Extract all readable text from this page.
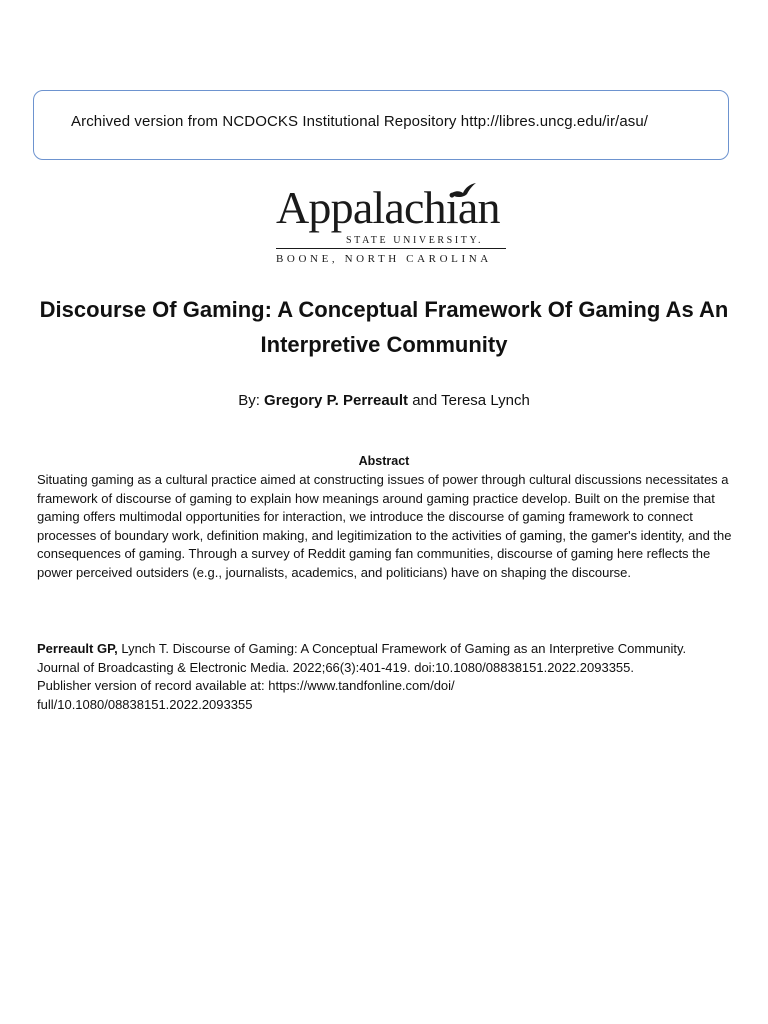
Archived version from NCDOCKS Institutional Repository http://libres.uncg.edu/ir/asu/
Appalachian
STATE UNIVERSITY.
BOONE, NORTH CAROLINA
Discourse Of Gaming: A Conceptual Framework Of Gaming As An Interpretive Community
By: Gregory P. Perreault and Teresa Lynch
Abstract
Situating gaming as a cultural practice aimed at constructing issues of power through cultural discussions necessitates a framework of discourse of gaming to explain how meanings around gaming practice develop. Built on the premise that gaming offers multimodal opportunities for interaction, we introduce the discourse of gaming framework to connect processes of boundary work, definition making, and legitimization to the activities of gaming, the gamer's identity, and the consequences of gaming. Through a survey of Reddit gaming fan communities, discourse of gaming here reflects the power perceived outsiders (e.g., journalists, academics, and politicians) have on shaping the discourse.
Perreault GP, Lynch T. Discourse of Gaming: A Conceptual Framework of Gaming as an Interpretive Community.
Journal of Broadcasting & Electronic Media. 2022;66(3):401-419. doi:10.1080/08838151.2022.2093355.
Publisher version of record available at: https://www.tandfonline.com/doi/
full/10.1080/08838151.2022.2093355
